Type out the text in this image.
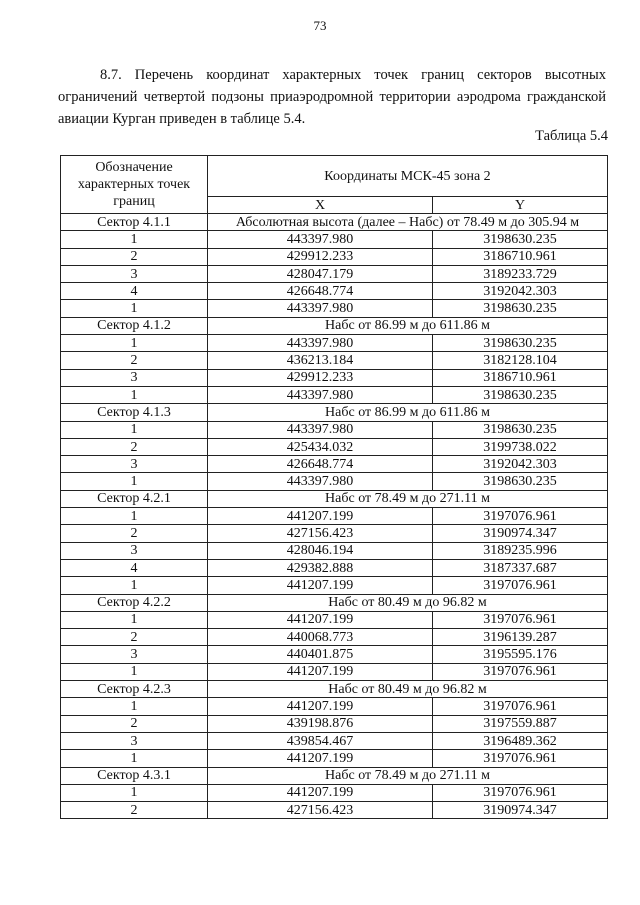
73

8.7. Перечень координат характерных точек границ секторов высотных ограничений четвертой подзоны приаэродромной территории аэродрома гражданской авиации Курган приведен в таблице 5.4.

Таблица 5.4
Обозначение характерных точек границ	Координаты МСК-45 зона 2	
	X	Y
Сектор 4.1.1	Абсолютная высота (далее – Набс) от 78.49 м до 305.94 м	
1	443397.980	3198630.235
2	429912.233	3186710.961
3	428047.179	3189233.729
4	426648.774	3192042.303
1	443397.980	3198630.235
Сектор 4.1.2	Набс от 86.99 м до 611.86 м	
1	443397.980	3198630.235
2	436213.184	3182128.104
3	429912.233	3186710.961
1	443397.980	3198630.235
Сектор 4.1.3	Набс от 86.99 м до 611.86 м	
1	443397.980	3198630.235
2	425434.032	3199738.022
3	426648.774	3192042.303
1	443397.980	3198630.235
Сектор 4.2.1	Набс от 78.49 м до 271.11 м	
1	441207.199	3197076.961
2	427156.423	3190974.347
3	428046.194	3189235.996
4	429382.888	3187337.687
1	441207.199	3197076.961
Сектор 4.2.2	Набс от 80.49 м до 96.82 м	
1	441207.199	3197076.961
2	440068.773	3196139.287
3	440401.875	3195595.176
1	441207.199	3197076.961
Сектор 4.2.3	Набс от 80.49 м до 96.82 м	
1	441207.199	3197076.961
2	439198.876	3197559.887
3	439854.467	3196489.362
1	441207.199	3197076.961
Сектор 4.3.1	Набс от 78.49 м до 271.11 м	
1	441207.199	3197076.961
2	427156.423	3190974.347
